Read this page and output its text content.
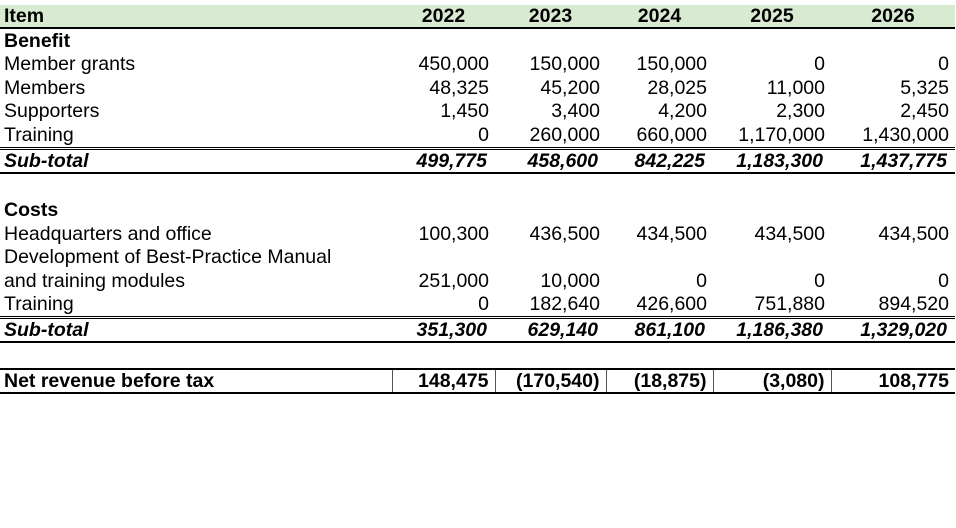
Item	2022	2023	2024	2025	2026
Benefit					
Member grants	450,000	150,000	150,000	0	0
Members	48,325	45,200	28,025	11,000	5,325
Supporters	1,450	3,400	4,200	2,300	2,450
Training	0	260,000	660,000	1,170,000	1,430,000
Sub-total	499,775	458,600	842,225	1,183,300	1,437,775

Costs					
Headquarters and office	100,300	436,500	434,500	434,500	434,500
Development of Best-Practice Manual					
and training modules	251,000	10,000	0	0	0
Training	0	182,640	426,600	751,880	894,520
Sub-total	351,300	629,140	861,100	1,186,380	1,329,020

Net revenue before tax	148,475	(170,540)	(18,875)	(3,080)	108,775
